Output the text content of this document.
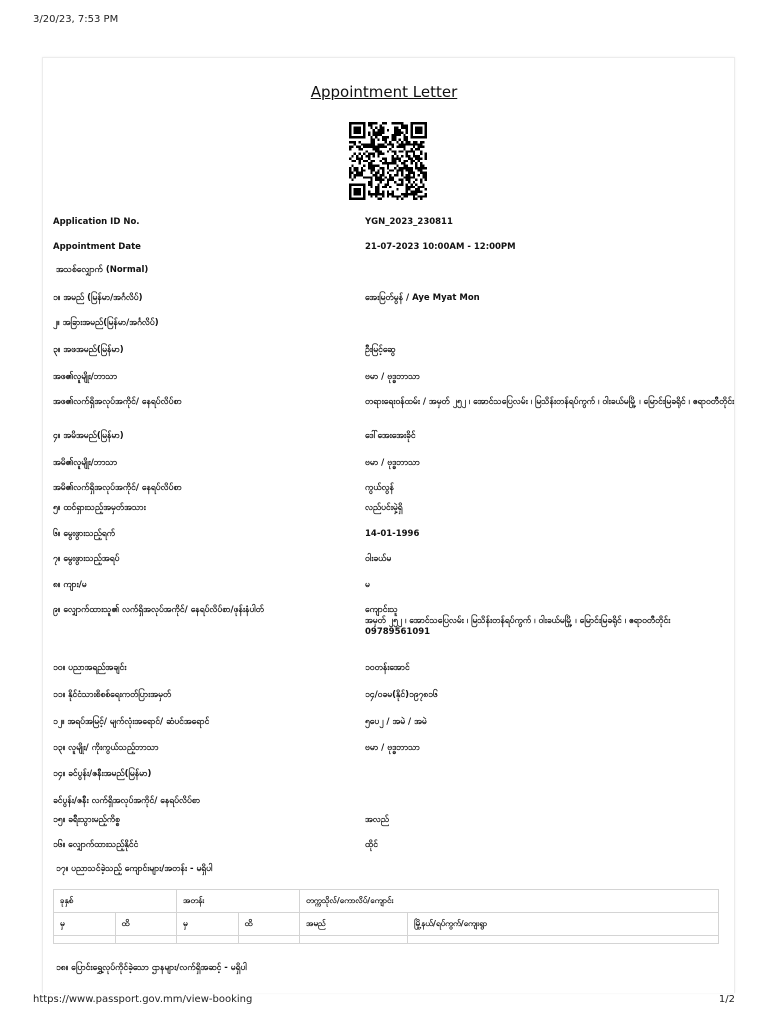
3/20/23, 7:53 PM
Appointment Letter
Application ID No.	YGN_2023_230811
Appointment Date	21-07-2023 10:00AM - 12:00PM
အသစ်လျှောက် (Normal)
၁။ အမည် (မြန်မာ/အင်္ဂလိပ်)	အေးမြတ်မွန် / Aye Myat Mon
၂။ အခြားအမည်(မြန်မာ/အင်္ဂလိပ်)
၃။ အဖအမည်(မြန်မာ)	ဦးမြင့်ဆွေ
အဖ၏လူမျိုး/ဘာသာ	ဗမာ / ဗုဒ္ဓဘာသာ
အဖ၏လက်ရှိအလုပ်အကိုင်/ နေရပ်လိပ်စာ	တရားရေးဝန်ထမ်း / အမှတ် ၂၅၂ ၊ အောင်သပြေလမ်း ၊ မြသိန်းတန်ရပ်ကွက် ၊ ဝါးခယ်မမြို့ ၊ မြောင်းမြခရိုင် ၊ ဧရာဝတီတိုင်း
၄။ အမိအမည်(မြန်မာ)	ဒေါ်အေးအေးခိုင်
အမိ၏လူမျိုး/ဘာသာ	ဗမာ / ဗုဒ္ဓဘာသာ
အမိ၏လက်ရှိအလုပ်အကိုင်/ နေရပ်လိပ်စာ	ကွယ်လွန်
၅။ ထင်ရှားသည့်အမှတ်အသား	လည်ပင်းမှဲ့ရှိ
၆။ မွေးဖွားသည့်ရက်	14-01-1996
၇။ မွေးဖွားသည့်အရပ်	ဝါးခယ်မ
၈။ ကျား/မ	မ
၉။ လျှောက်ထားသူ၏ လက်ရှိအလုပ်အကိုင်/ နေရပ်လိပ်စာ/ဖုန်းနံပါတ်	ကျောင်းသူ
အမှတ် ၂၅၂ ၊ အောင်သပြေလမ်း ၊ မြသိန်းတန်ရပ်ကွက် ၊ ဝါးခယ်မမြို့ ၊ မြောင်းမြခရိုင် ၊ ဧရာဝတီတိုင်း
09789561091
၁၀။ ပညာအရည်အချင်း	၁၀တန်းအောင်
၁၁။ နိုင်ငံသားစိစစ်ရေးကတ်ပြားအမှတ်	၁၄/ဝခမ(နိုင်)၁၉၇၈၁၆
၁၂။ အရပ်အမြင့်/ မျက်လုံးအရောင်/ ဆံပင်အရောင်	၅ပေ၂ / အမဲ / အမဲ
၁၃။ လူမျိုး/ ကိုးကွယ်သည့်ဘာသာ	ဗမာ / ဗုဒ္ဓဘာသာ
၁၄။ ခင်ပွန်း/ဇနီးအမည်(မြန်မာ)
ခင်ပွန်း/ဇနီး လက်ရှိအလုပ်အကိုင်/ နေရပ်လိပ်စာ
၁၅။ ခရီးသွားမည့်ကိစ္စ	အလည်
၁၆။ လျှောက်ထားသည့်နိုင်ငံ	ထိုင်
၁၇။ ပညာသင်ခဲ့သည့် ကျောင်းများ/အတန်း - မရှိပါ
ခုနှစ်		အတန်း		တက္ကသိုလ်/ကောလိပ်/ကျောင်း	
မှ	ထိ	မှ	ထိ	အမည်	မြို့နယ်/ရပ်ကွက်/ကျေးရွာ

၁၈။ ပြောင်းရွှေ့လုပ်ကိုင်ခဲ့သော ဌာနများ/လက်ရှိအဆင့် - မရှိပါ
https://www.passport.gov.mm/view-booking	1/2
